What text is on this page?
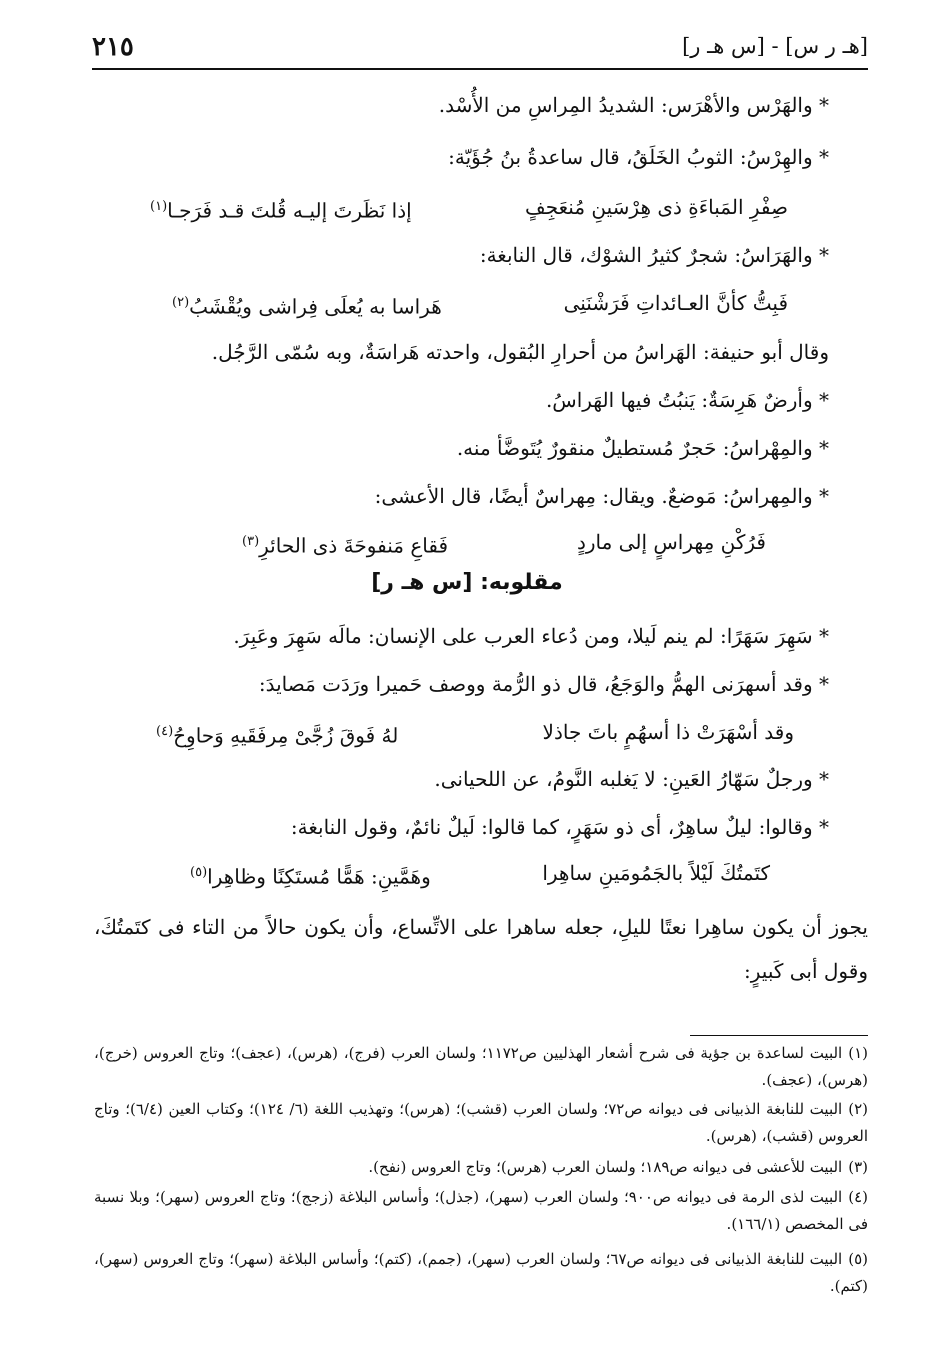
٢١٥	[هـ ر س] - [س هـ ر]
* والهَرْس والأهْرَس: الشديدُ المِراسِ من الأُسْد.
* والهِرْسُ: الثوبُ الخَلَقُ، قال ساعدةُ بنُ جُؤَيّة:
صِفْرِ المَباءَةِ ذى هِرْسَينِ مُنعَجِفٍ
إذا نَظَرتَ إليـه قُلتَ قـد فَرَجـا$^{(١)}$
* والهَرَاسُ: شجرٌ كثيرُ الشوْك، قال النابغة:
فَبِتُّ كأنَّ العـائداتِ فَرَشْنَنِى
هَراسا به يُعلَى فِراشى ويُقْشَبُ$^{(٢)}$
وقال أبو حنيفة: الهَراسُ من أحرارِ البُقول، واحدته هَراسَةٌ، وبه سُمّى الرَّجُل.
* وأرضٌ هَرِسَةٌ: يَنبُتُ فيها الهَراسُ.
* والمِهْراسُ: حَجرٌ مُستطيلٌ منقورٌ يُتَوضَّأ منه.
* والمِهراسُ: مَوضعٌ. ويقال: مِهراسٌ أيضًا، قال الأعشى:
فَرُكْنِ مِهراسٍ إلى ماردٍ
فَقاعِ مَنفوحَةَ ذى الحائرِ$^{(٣)}$
مقلوبه: [س هـ ر]
* سَهِرَ سَهَرًا: لم ينم لَيلا، ومن دُعاء العرب على الإنسان: مالَه سَهِرَ وعَبِرَ.
* وقد أسهرَنى الهمُّ والوَجَعُ، قال ذو الرُّمة ووصف حَميرا ورَدَت مَصايدَ:
وقد أسْهَرَتْ ذا أسهُمٍ باتَ جاذلا
لهُ فَوقَ زُجَّىْ مِرفَقَيهِ وَحاوِحُ$^{(٤)}$
* ورجلٌ سَهّارُ العَينِ: لا يَغلبه النَّومُ، عن اللحيانى.
* وقالوا: ليلٌ ساهِرٌ، أى ذو سَهَرٍ، كما قالوا: لَيلٌ نائمٌ، وقول النابغة:
كتَمتُكَ لَيْلاً بالجَمُومَينِ ساهِرا
وهَمَّينِ: هَمًّا مُستَكِنًا وظاهِرا$^{(٥)}$
يجوز أن يكون ساهِرا نعتًا لليلِ، جعله ساهرا على الاتِّساع، وأن يكون حالاً من التاء فى كتَمتُكَ، وقول أبى كَبيرٍ:
(١)البيت لساعدة بن جؤية فى شرح أشعار الهذليين ص١١٧٢؛ ولسان العرب (فرج)، (هرس)، (عجف)؛ وتاج العروس (خرج)، (هرس)، (عجف).
(٢)البيت للنابغة الذبيانى فى ديوانه ص٧٢؛ ولسان العرب (قشب)؛ (هرس)؛ وتهذيب اللغة (٦/ ١٢٤)؛ وكتاب العين (٦/٤)؛ وتاج العروس (قشب)، (هرس).
(٣)البيت للأعشى فى ديوانه ص١٨٩؛ ولسان العرب (هرس)؛ وتاج العروس (نفح).
(٤)البيت لذى الرمة فى ديوانه ص٩٠٠؛ ولسان العرب (سهر)، (جذل)؛ وأساس البلاغة (زجج)؛ وتاج العروس (سهر)؛ وبلا نسبة فى المخصص (١٦٦/١).
(٥)البيت للنابغة الذبيانى فى ديوانه ص٦٧؛ ولسان العرب (سهر)، (جمم)، (كتم)؛ وأساس البلاغة (سهر)؛ وتاج العروس (سهر)، (كتم).
